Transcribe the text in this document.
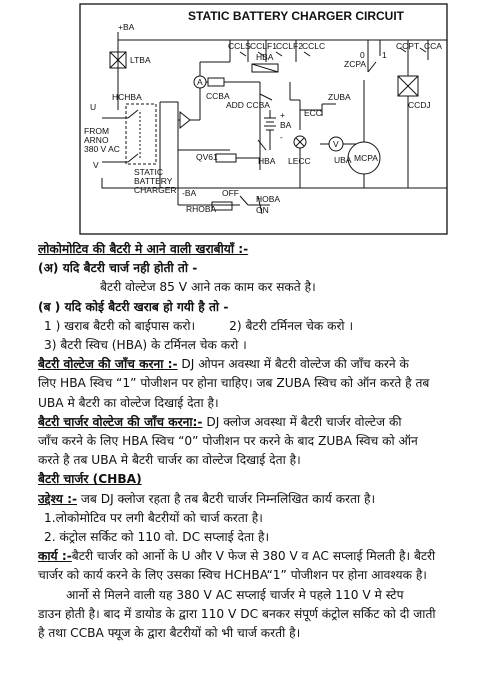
STATIC BATTERY CHARGER CIRCUIT
+BA
LTBA
HCHBA
U
V
FROM
ARNO
380 V AC
STATIC
BATTERY
CHARGER
CCBA
ADD CCBA
HBA
HBA
ZUBA
ECC
LECC	UBA MCPA
BA
+
-
QV61
-BA	OFF
ON
HOBA
RHOBA
CCLS CCLF1 CCLF2 CCLC	CCPT CCA
ZCPA
CCDJ
A
V
0 1
लोकोमोटिव की बैटरी मे आने वाली खराबीयाँ :-
(अ) यदि बैटरी चार्ज नही होती तो -
बैटरी वोल्टेज 85 V आने तक काम कर सकते है।
(ब ) यदि कोई बैटरी खराब हो गयी है तो -
1 ) खराब बैटरी को बाईपास करो।	2) बैटरी टर्मिनल चेक करो ।
3) बैटरी स्विच (HBA) के टर्मिनल चेक करो ।
बैटरी वोल्टेज की जाँच करना :- DJ ओपन अवस्था में बैटरी वोल्टेज की जाँच करने के
लिए HBA स्विच “1” पोजीशन पर होना चाहिए। जब ZUBA स्विच को ऑन करते है तब
UBA मे बैटरी का वोल्टेज दिखाई देता है।
बैटरी चार्जर वोल्टेज की जाँच करना:- DJ क्लोज अवस्था में बैटरी चार्जर वोल्टेज की
जाँच करने के लिए HBA स्विच “0” पोजीशन पर करने के बाद ZUBA स्विच को ऑन
करते है तब UBA मे बैटरी चार्जर का वोल्टेज दिखाई देता है।
बैटरी चार्जर (CHBA)
उद्देश्य :- जब DJ क्लोज रहता है तब बैटरी चार्जर निम्नलिखित कार्य करता है।
1.लोकोमोटिव पर लगी बैटरीयों को चार्ज करता है।
2. कंट्रोल सर्किट को 110 वो. DC सप्लाई देता है।
कार्य :-बैटरी चार्जर को आर्नो के U और V फेज से 380 V व AC सप्लाई मिलती है। बैटरी
चार्जर को कार्य करने के लिए उसका स्विच HCHBA“1” पोजीशन पर होना आवश्यक है।
आर्नो से मिलने वाली यह 380 V AC सप्लाई चार्जर मे पहले 110 V मे स्टेप
डाउन होती है। बाद में डायोड के द्वारा 110 V DC बनकर संपूर्ण कंट्रोल सर्किट को दी जाती
है तथा CCBA फ्यूज के द्वारा बैटरीयों को भी चार्ज करती है।
